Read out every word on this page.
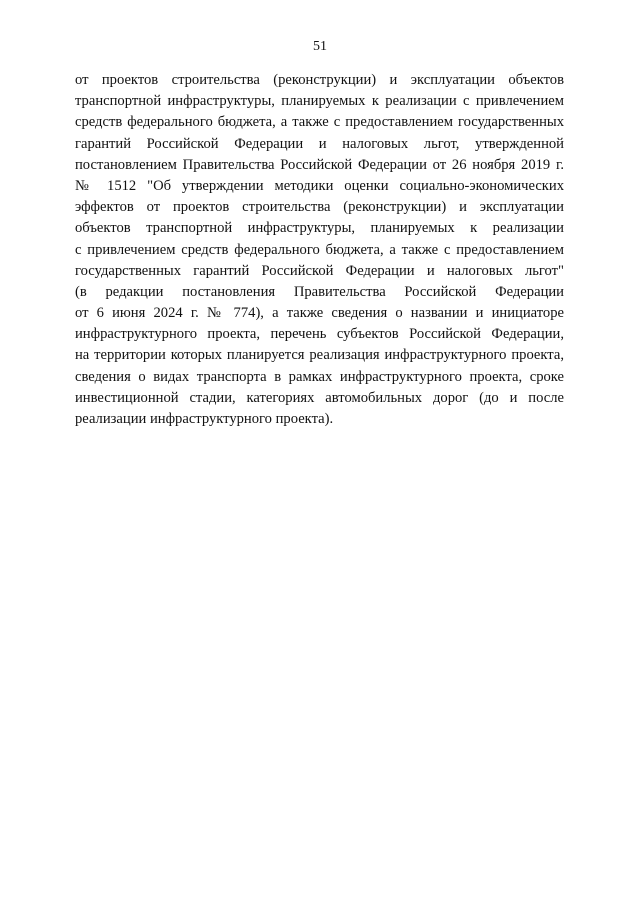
51
от проектов строительства (реконструкции) и эксплуатации объектов
транспортной инфраструктуры, планируемых к реализации с привлечением
средств федерального бюджета, а также с предоставлением государственных
гарантий Российской Федерации и налоговых льгот, утвержденной
постановлением Правительства Российской Федерации от 26 ноября 2019 г.
№ 1512 "Об утверждении методики оценки социально-экономических
эффектов от проектов строительства (реконструкции) и эксплуатации
объектов транспортной инфраструктуры, планируемых к реализации
с привлечением средств федерального бюджета, а также с предоставлением
государственных гарантий Российской Федерации и налоговых льгот"
(в редакции постановления Правительства Российской Федерации
от 6 июня 2024 г. № 774), а также сведения о названии и инициаторе
инфраструктурного проекта, перечень субъектов Российской Федерации,
на территории которых планируется реализация инфраструктурного проекта,
сведения о видах транспорта в рамках инфраструктурного проекта, сроке
инвестиционной стадии, категориях автомобильных дорог (до и после
реализации инфраструктурного проекта).
